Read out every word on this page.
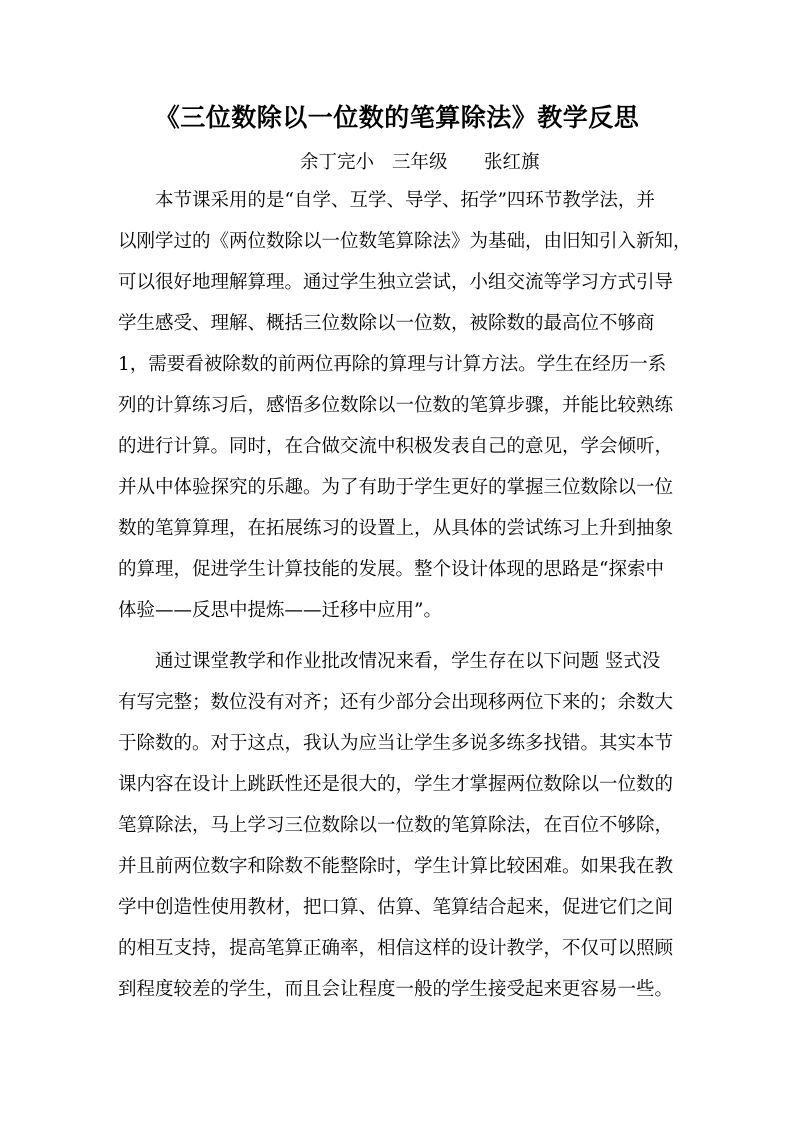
《三位数除以一位数的笔算除法》教学反思
余丁完小 三年级 张红旗
　　本节课采用的是“自学、互学、导学、拓学”四环节教学法，并
以刚学过的《两位数除以一位数笔算除法》为基础，由旧知引入新知，
可以很好地理解算理。通过学生独立尝试，小组交流等学习方式引导
学生感受、理解、概括三位数除以一位数，被除数的最高位不够商
1，需要看被除数的前两位再除的算理与计算方法。学生在经历一系
列的计算练习后，感悟多位数除以一位数的笔算步骤，并能比较熟练
的进行计算。同时，在合做交流中积极发表自己的意见，学会倾听，
并从中体验探究的乐趣。为了有助于学生更好的掌握三位数除以一位
数的笔算算理，在拓展练习的设置上，从具体的尝试练习上升到抽象
的算理，促进学生计算技能的发展。整个设计体现的思路是“探索中
体验——反思中提炼——迁移中应用”。
　　通过课堂教学和作业批改情况来看，学生存在以下问题 竖式没
有写完整；数位没有对齐；还有少部分会出现移两位下来的；余数大
于除数的。对于这点，我认为应当让学生多说多练多找错。其实本节
课内容在设计上跳跃性还是很大的，学生才掌握两位数除以一位数的
笔算除法，马上学习三位数除以一位数的笔算除法，在百位不够除，
并且前两位数字和除数不能整除时，学生计算比较困难。如果我在教
学中创造性使用教材，把口算、估算、笔算结合起来，促进它们之间
的相互支持，提高笔算正确率，相信这样的设计教学，不仅可以照顾
到程度较差的学生，而且会让程度一般的学生接受起来更容易一些。
